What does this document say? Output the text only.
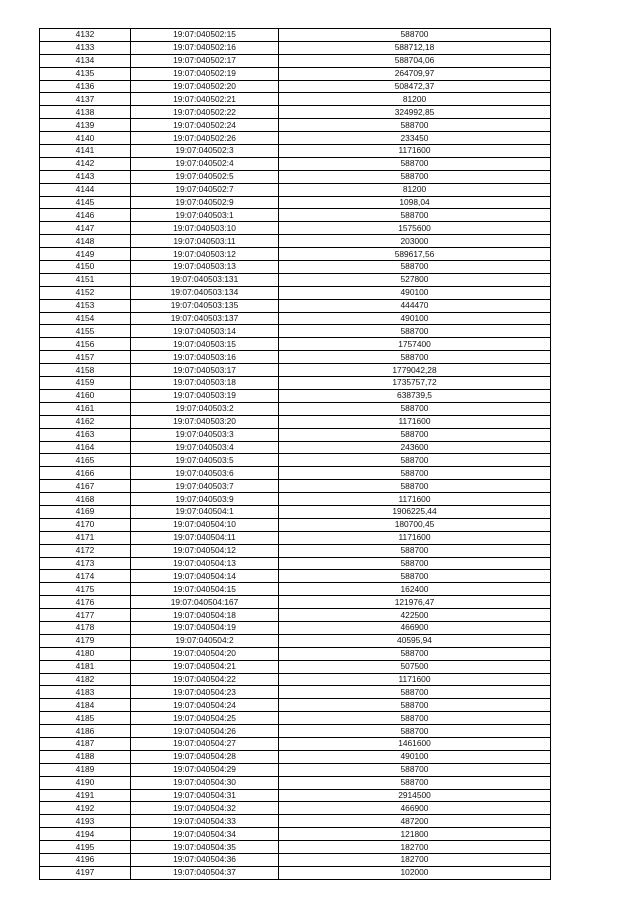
4132	19:07:040502:15	588700
4133	19:07:040502:16	588712,18
4134	19:07:040502:17	588704,06
4135	19:07:040502:19	264709,97
4136	19:07:040502:20	508472,37
4137	19:07:040502:21	81200
4138	19:07:040502:22	324992,85
4139	19:07:040502:24	588700
4140	19:07:040502:26	233450
4141	19:07:040502:3	1171600
4142	19:07:040502:4	588700
4143	19:07:040502:5	588700
4144	19:07:040502:7	81200
4145	19:07:040502:9	1098,04
4146	19:07:040503:1	588700
4147	19:07:040503:10	1575600
4148	19:07:040503:11	203000
4149	19:07:040503:12	589617,56
4150	19:07:040503:13	588700
4151	19:07:040503:131	527800
4152	19:07:040503:134	490100
4153	19:07:040503:135	444470
4154	19:07:040503:137	490100
4155	19:07:040503:14	588700
4156	19:07:040503:15	1757400
4157	19:07:040503:16	588700
4158	19:07:040503:17	1779042,28
4159	19:07:040503:18	1735757,72
4160	19:07:040503:19	638739,5
4161	19:07:040503:2	588700
4162	19:07:040503:20	1171600
4163	19:07:040503:3	588700
4164	19:07:040503:4	243600
4165	19:07:040503:5	588700
4166	19:07:040503:6	588700
4167	19:07:040503:7	588700
4168	19:07:040503:9	1171600
4169	19:07:040504:1	1906225,44
4170	19:07:040504:10	180700,45
4171	19:07:040504:11	1171600
4172	19:07:040504:12	588700
4173	19:07:040504:13	588700
4174	19:07:040504:14	588700
4175	19:07:040504:15	162400
4176	19:07:040504:167	121976,47
4177	19:07:040504:18	422500
4178	19:07:040504:19	466900
4179	19:07:040504:2	40595,94
4180	19:07:040504:20	588700
4181	19:07:040504:21	507500
4182	19:07:040504:22	1171600
4183	19:07:040504:23	588700
4184	19:07:040504:24	588700
4185	19:07:040504:25	588700
4186	19:07:040504:26	588700
4187	19:07:040504:27	1461600
4188	19:07:040504:28	490100
4189	19:07:040504:29	588700
4190	19:07:040504:30	588700
4191	19:07:040504:31	2914500
4192	19:07:040504:32	466900
4193	19:07:040504:33	487200
4194	19:07:040504:34	121800
4195	19:07:040504:35	182700
4196	19:07:040504:36	182700
4197	19:07:040504:37	102000
